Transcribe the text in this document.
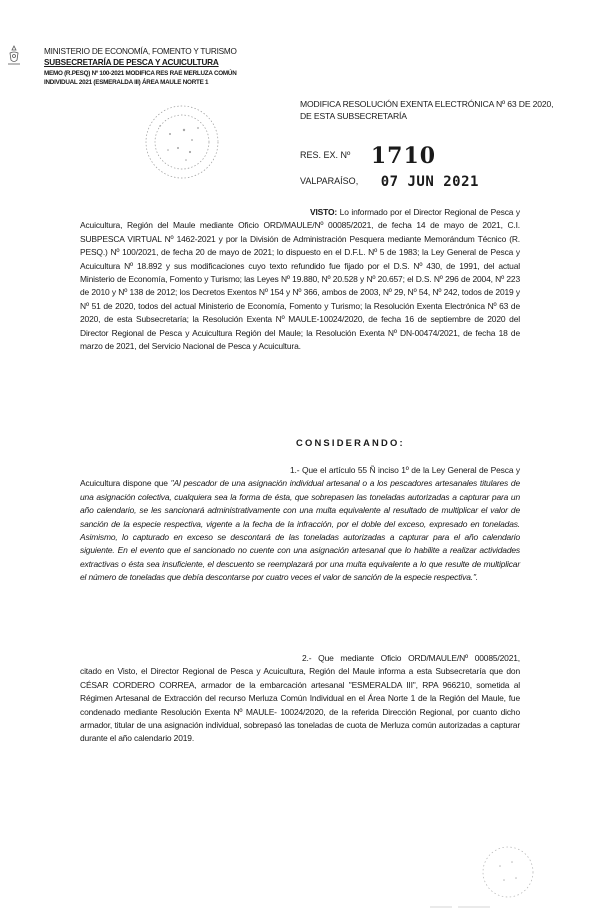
MINISTERIO DE ECONOMÍA, FOMENTO Y TURISMO
SUBSECRETARÍA DE PESCA Y ACUICULTURA
MEMO (R.PESQ) Nº 100-2021 MODIFICA RES RAE MERLUZA COMÚN
INDIVIDUAL 2021 (ESMERALDA III) ÁREA MAULE NORTE 1
MODIFICA RESOLUCIÓN EXENTA ELECTRÓNICA Nº 63 DE 2020, DE ESTA SUBSECRETARÍA
RES. EX. Nº 1710
VALPARAÍSO, 07 JUN 2021

VISTO: Lo informado por el Director Regional de Pesca y Acuicultura, Región del Maule mediante Oficio ORD/MAULE/Nº 00085/2021, de fecha 14 de mayo de 2021, C.I. SUBPESCA VIRTUAL Nº 1462-2021 y por la División de Administración Pesquera mediante Memorándum Técnico (R. PESQ.) Nº 100/2021, de fecha 20 de mayo de 2021; lo dispuesto en el D.F.L. Nº 5 de 1983; la Ley General de Pesca y Acuicultura Nº 18.892 y sus modificaciones cuyo texto refundido fue fijado por el D.S. Nº 430, de 1991, del actual Ministerio de Economía, Fomento y Turismo; las Leyes Nº 19.880, Nº 20.528 y Nº 20.657; el D.S. Nº 296 de 2004, Nº 223 de 2010 y Nº 138 de 2012; los Decretos Exentos Nº 154 y Nº 366, ambos de 2003, Nº 29, Nº 54, Nº 242, todos de 2019 y Nº 51 de 2020, todos del actual Ministerio de Economía, Fomento y Turismo; la Resolución Exenta Electrónica Nº 63 de 2020, de esta Subsecretaría; la Resolución Exenta Nº MAULE-10024/2020, de fecha 16 de septiembre de 2020 del Director Regional de Pesca y Acuicultura Región del Maule; la Resolución Exenta Nº DN-00474/2021, de fecha 18 de marzo de 2021, del Servicio Nacional de Pesca y Acuicultura.

CONSIDERANDO:

1.- Que el artículo 55 Ñ inciso 1º de la Ley General de Pesca y Acuicultura dispone que "Al pescador de una asignación individual artesanal o a los pescadores artesanales titulares de una asignación colectiva, cualquiera sea la forma de ésta, que sobrepasen las toneladas autorizadas a capturar para un año calendario, se les sancionará administrativamente con una multa equivalente al resultado de multiplicar el valor de sanción de la especie respectiva, vigente a la fecha de la infracción, por el doble del exceso, expresado en toneladas. Asimismo, lo capturado en exceso se descontará de las toneladas autorizadas a capturar para el año calendario siguiente. En el evento que el sancionado no cuente con una asignación artesanal que lo habilite a realizar actividades extractivas o ésta sea insuficiente, el descuento se reemplazará por una multa equivalente a lo que resulte de multiplicar el número de toneladas que debía descontarse por cuatro veces el valor de sanción de la especie respectiva.".

2.- Que mediante Oficio ORD/MAULE/Nº 00085/2021, citado en Visto, el Director Regional de Pesca y Acuicultura, Región del Maule informa a esta Subsecretaría que don CÉSAR CORDERO CORREA, armador de la embarcación artesanal "ESMERALDA III", RPA 966210, sometida al Régimen Artesanal de Extracción del recurso Merluza Común Individual en el Área Norte 1 de la Región del Maule, fue condenado mediante Resolución Exenta Nº MAULE- 10024/2020, de la referida Dirección Regional, por cuanto dicho armador, titular de una asignación individual, sobrepasó las toneladas de cuota de Merluza común autorizadas a capturar durante el año calendario 2019.
